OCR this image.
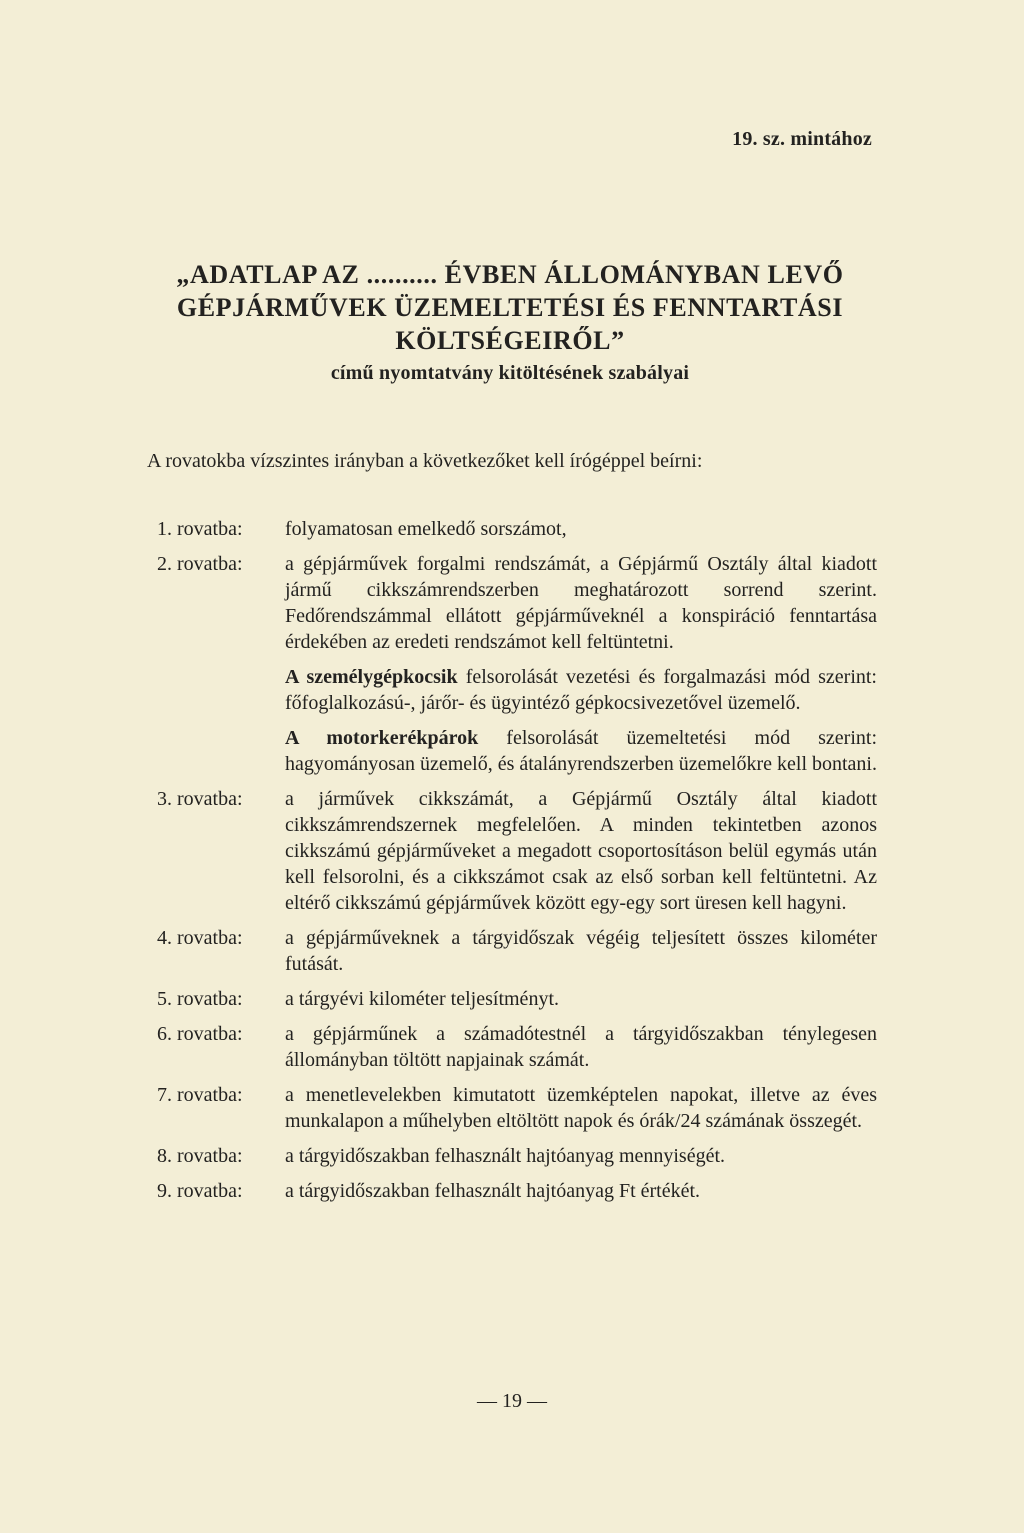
19. sz. mintához
„ADATLAP AZ .......... ÉVBEN ÁLLOMÁNYBAN LEVŐ
GÉPJÁRMŰVEK ÜZEMELTETÉSI ÉS FENNTARTÁSI
KÖLTSÉGEIRŐL”
című nyomtatvány kitöltésének szabályai
A rovatokba vízszintes irányban a következőket kell írógéppel beírni:
1. rovatba:	folyamatosan emelkedő sorszámot,

2. rovatba:	a gépjárművek forgalmi rendszámát, a Gépjármű Osztály által kiadott jármű cikkszámrendszerben meghatározott sorrend szerint. Fedőrendszámmal ellátott gépjárműveknél a konspiráció fenntartása érdekében az eredeti rendszámot kell feltüntetni.

A személygépkocsik felsorolását vezetési és forgalmazási mód szerint: főfoglalkozású-, járőr- és ügyintéző gépkocsivezetővel üzemelő.

A motorkerékpárok felsorolását üzemeltetési mód szerint: hagyományosan üzemelő, és átalányrendszerben üzemelőkre kell bontani.

3. rovatba:	a járművek cikkszámát, a Gépjármű Osztály által kiadott cikkszámrendszernek megfelelően. A minden tekintetben azonos cikkszámú gépjárműveket a megadott csoportosításon belül egymás után kell felsorolni, és a cikkszámot csak az első sorban kell feltüntetni. Az eltérő cikkszámú gépjárművek között egy-egy sort üresen kell hagyni.

4. rovatba:	a gépjárműveknek a tárgyidőszak végéig teljesített összes kilométer futását.

5. rovatba:	a tárgyévi kilométer teljesítményt.

6. rovatba:	a gépjárműnek a számadótestnél a tárgyidőszakban ténylegesen állományban töltött napjainak számát.

7. rovatba:	a menetlevelekben kimutatott üzemképtelen napokat, illetve az éves munkalapon a műhelyben eltöltött napok és órák/24 számának összegét.

8. rovatba:	a tárgyidőszakban felhasznált hajtóanyag mennyiségét.

9. rovatba:	a tárgyidőszakban felhasznált hajtóanyag Ft értékét.

— 19 —
